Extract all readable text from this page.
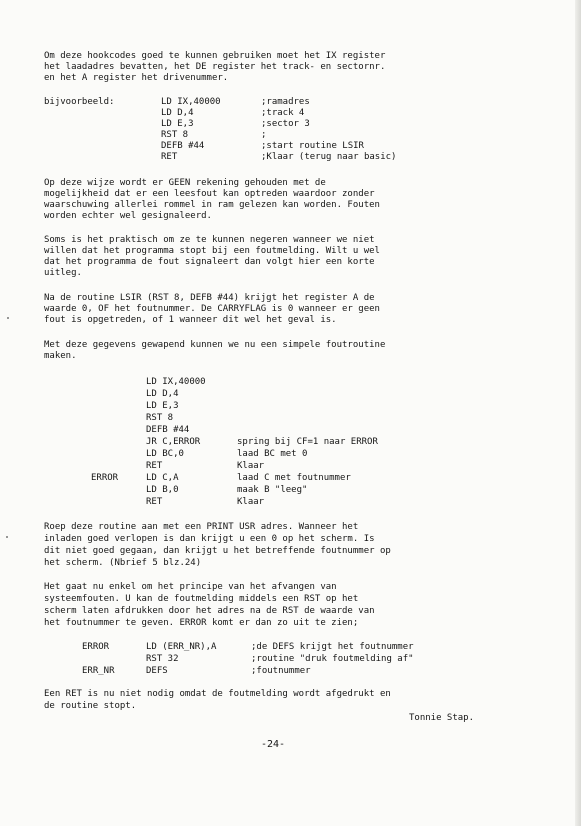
Om deze hookcodes goed te kunnen gebruiken moet het IX register
het laadadres bevatten, het DE register het track- en sectornr.
en het A register het drivenummer.
bijvoorbeeld:	LD IX,40000	;ramadres
LD D,4	;track 4
LD E,3	;sector 3
RST 8	;
DEFB #44	;start routine LSIR
RET	;Klaar (terug naar basic)
Op deze wijze wordt er GEEN rekening gehouden met de
mogelijkheid dat er een leesfout kan optreden waardoor zonder
waarschuwing allerlei rommel in ram gelezen kan worden. Fouten
worden echter wel gesignaleerd.
Soms is het praktisch om ze te kunnen negeren wanneer we niet
willen dat het programma stopt bij een foutmelding. Wilt u wel
dat het programma de fout signaleert dan volgt hier een korte
uitleg.
Na de routine LSIR (RST 8, DEFB #44) krijgt het register A de
waarde 0, OF het foutnummer. De CARRYFLAG is 0 wanneer er geen
fout is opgetreden, of 1 wanneer dit wel het geval is.
Met deze gegevens gewapend kunnen we nu een simpele foutroutine
maken.
LD IX,40000
LD D,4
LD E,3
RST 8
DEFB #44
JR C,ERROR	spring bij CF=1 naar ERROR
LD BC,0	laad BC met 0
RET	Klaar
ERROR	LD C,A	laad C met foutnummer
LD B,0	maak B "leeg"
RET	Klaar
Roep deze routine aan met een PRINT USR adres. Wanneer het
inladen goed verlopen is dan krijgt u een 0 op het scherm. Is
dit niet goed gegaan, dan krijgt u het betreffende foutnummer op
het scherm. (Nbrief 5 blz.24)
Het gaat nu enkel om het principe van het afvangen van
systeemfouten. U kan de foutmelding middels een RST op het
scherm laten afdrukken door het adres na de RST de waarde van
het foutnummer te geven. ERROR komt er dan zo uit te zien;
ERROR	LD (ERR_NR),A	;de DEFS krijgt het foutnummer
RST 32	;routine "druk foutmelding af"
ERR_NR	DEFS	;foutnummer
Een RET is nu niet nodig omdat de foutmelding wordt afgedrukt en
de routine stopt.
Tonnie Stap.
-24-
